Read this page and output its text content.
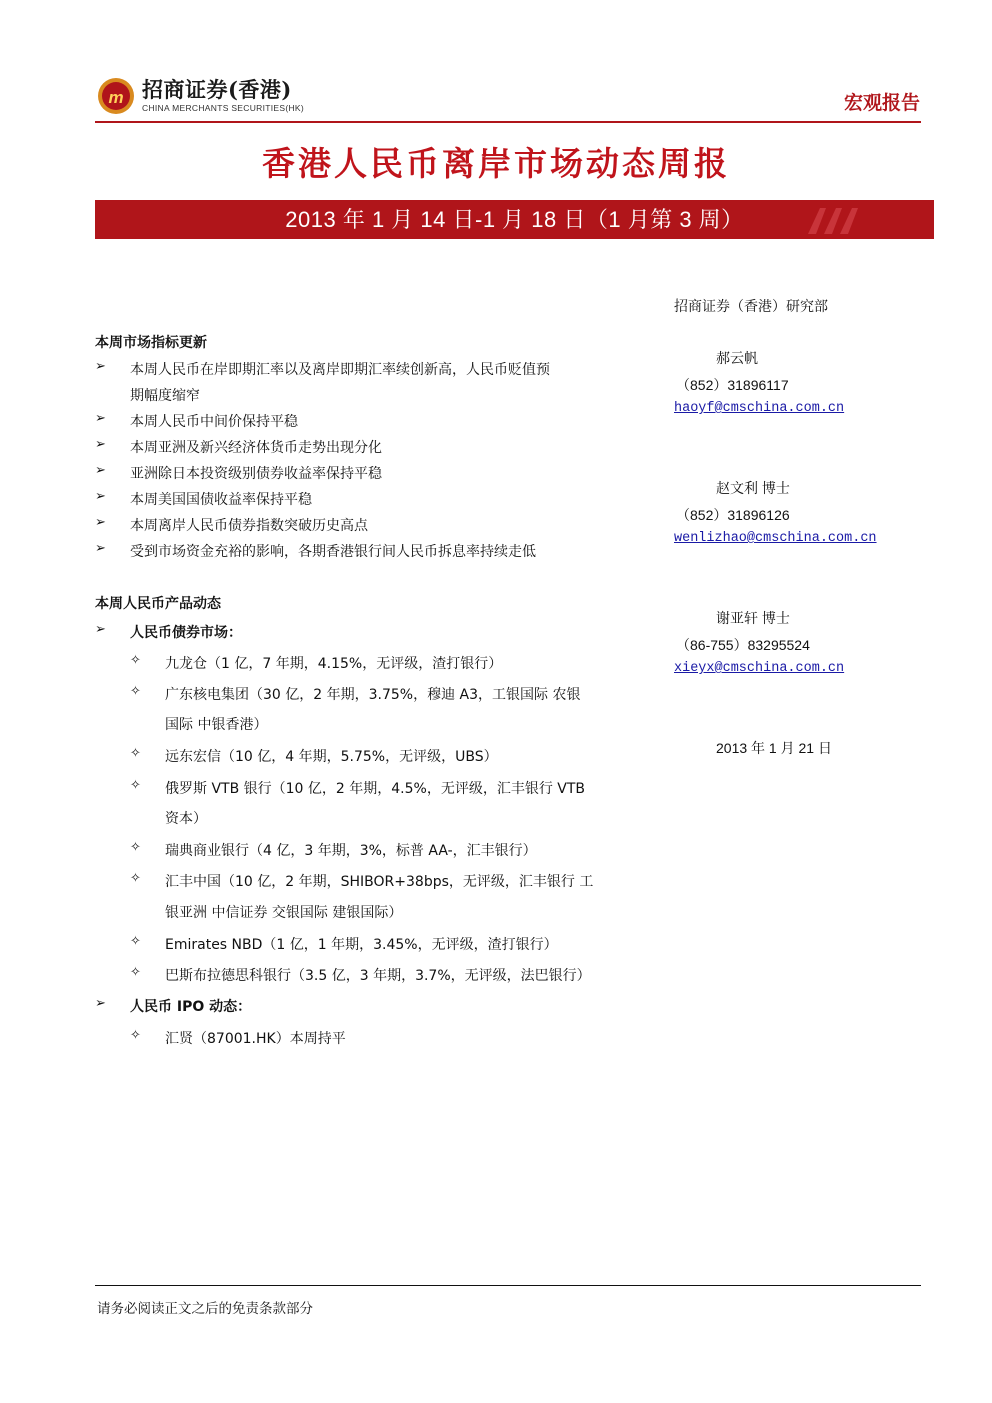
m 招商证券(香港)
CHINA MERCHANTS SECURITIES(HK)	宏观报告
香港人民币离岸市场动态周报
2013 年 1 月 14 日-1 月 18 日（1 月第 3 周）
招商证券（香港）研究部
郝云帆
（852）31896117
haoyf@cmschina.com.cn
赵文利 博士
（852）31896126
wenlizhao@cmschina.com.cn
谢亚轩 博士
（86-755）83295524
xieyx@cmschina.com.cn
2013 年 1 月 21 日
本周市场指标更新
➢ 本周人民币在岸即期汇率以及离岸即期汇率续创新高，人民币贬值预
期幅度缩窄
➢ 本周人民币中间价保持平稳
➢ 本周亚洲及新兴经济体货币走势出现分化
➢ 亚洲除日本投资级别债券收益率保持平稳
➢ 本周美国国债收益率保持平稳
➢ 本周离岸人民币债券指数突破历史高点
➢ 受到市场资金充裕的影响，各期香港银行间人民币拆息率持续走低
本周人民币产品动态
➢ 人民币债券市场：
✧ 九龙仓（1 亿，7 年期，4.15%，无评级，渣打银行）
✧ 广东核电集团（30 亿，2 年期，3.75%，穆迪 A3，工银国际 农银
国际 中银香港）
✧ 远东宏信（10 亿，4 年期，5.75%，无评级，UBS）
✧ 俄罗斯 VTB 银行（10 亿，2 年期，4.5%，无评级，汇丰银行 VTB
资本）
✧ 瑞典商业银行（4 亿，3 年期，3%，标普 AA-，汇丰银行）
✧ 汇丰中国（10 亿，2 年期，SHIBOR+38bps，无评级，汇丰银行 工
银亚洲 中信证券 交银国际 建银国际）
✧ Emirates NBD（1 亿，1 年期，3.45%，无评级，渣打银行）
✧ 巴斯布拉德思科银行（3.5 亿，3 年期，3.7%，无评级，法巴银行）
➢ 人民币 IPO 动态：
✧ 汇贤（87001.HK）本周持平
请务必阅读正文之后的免责条款部分
